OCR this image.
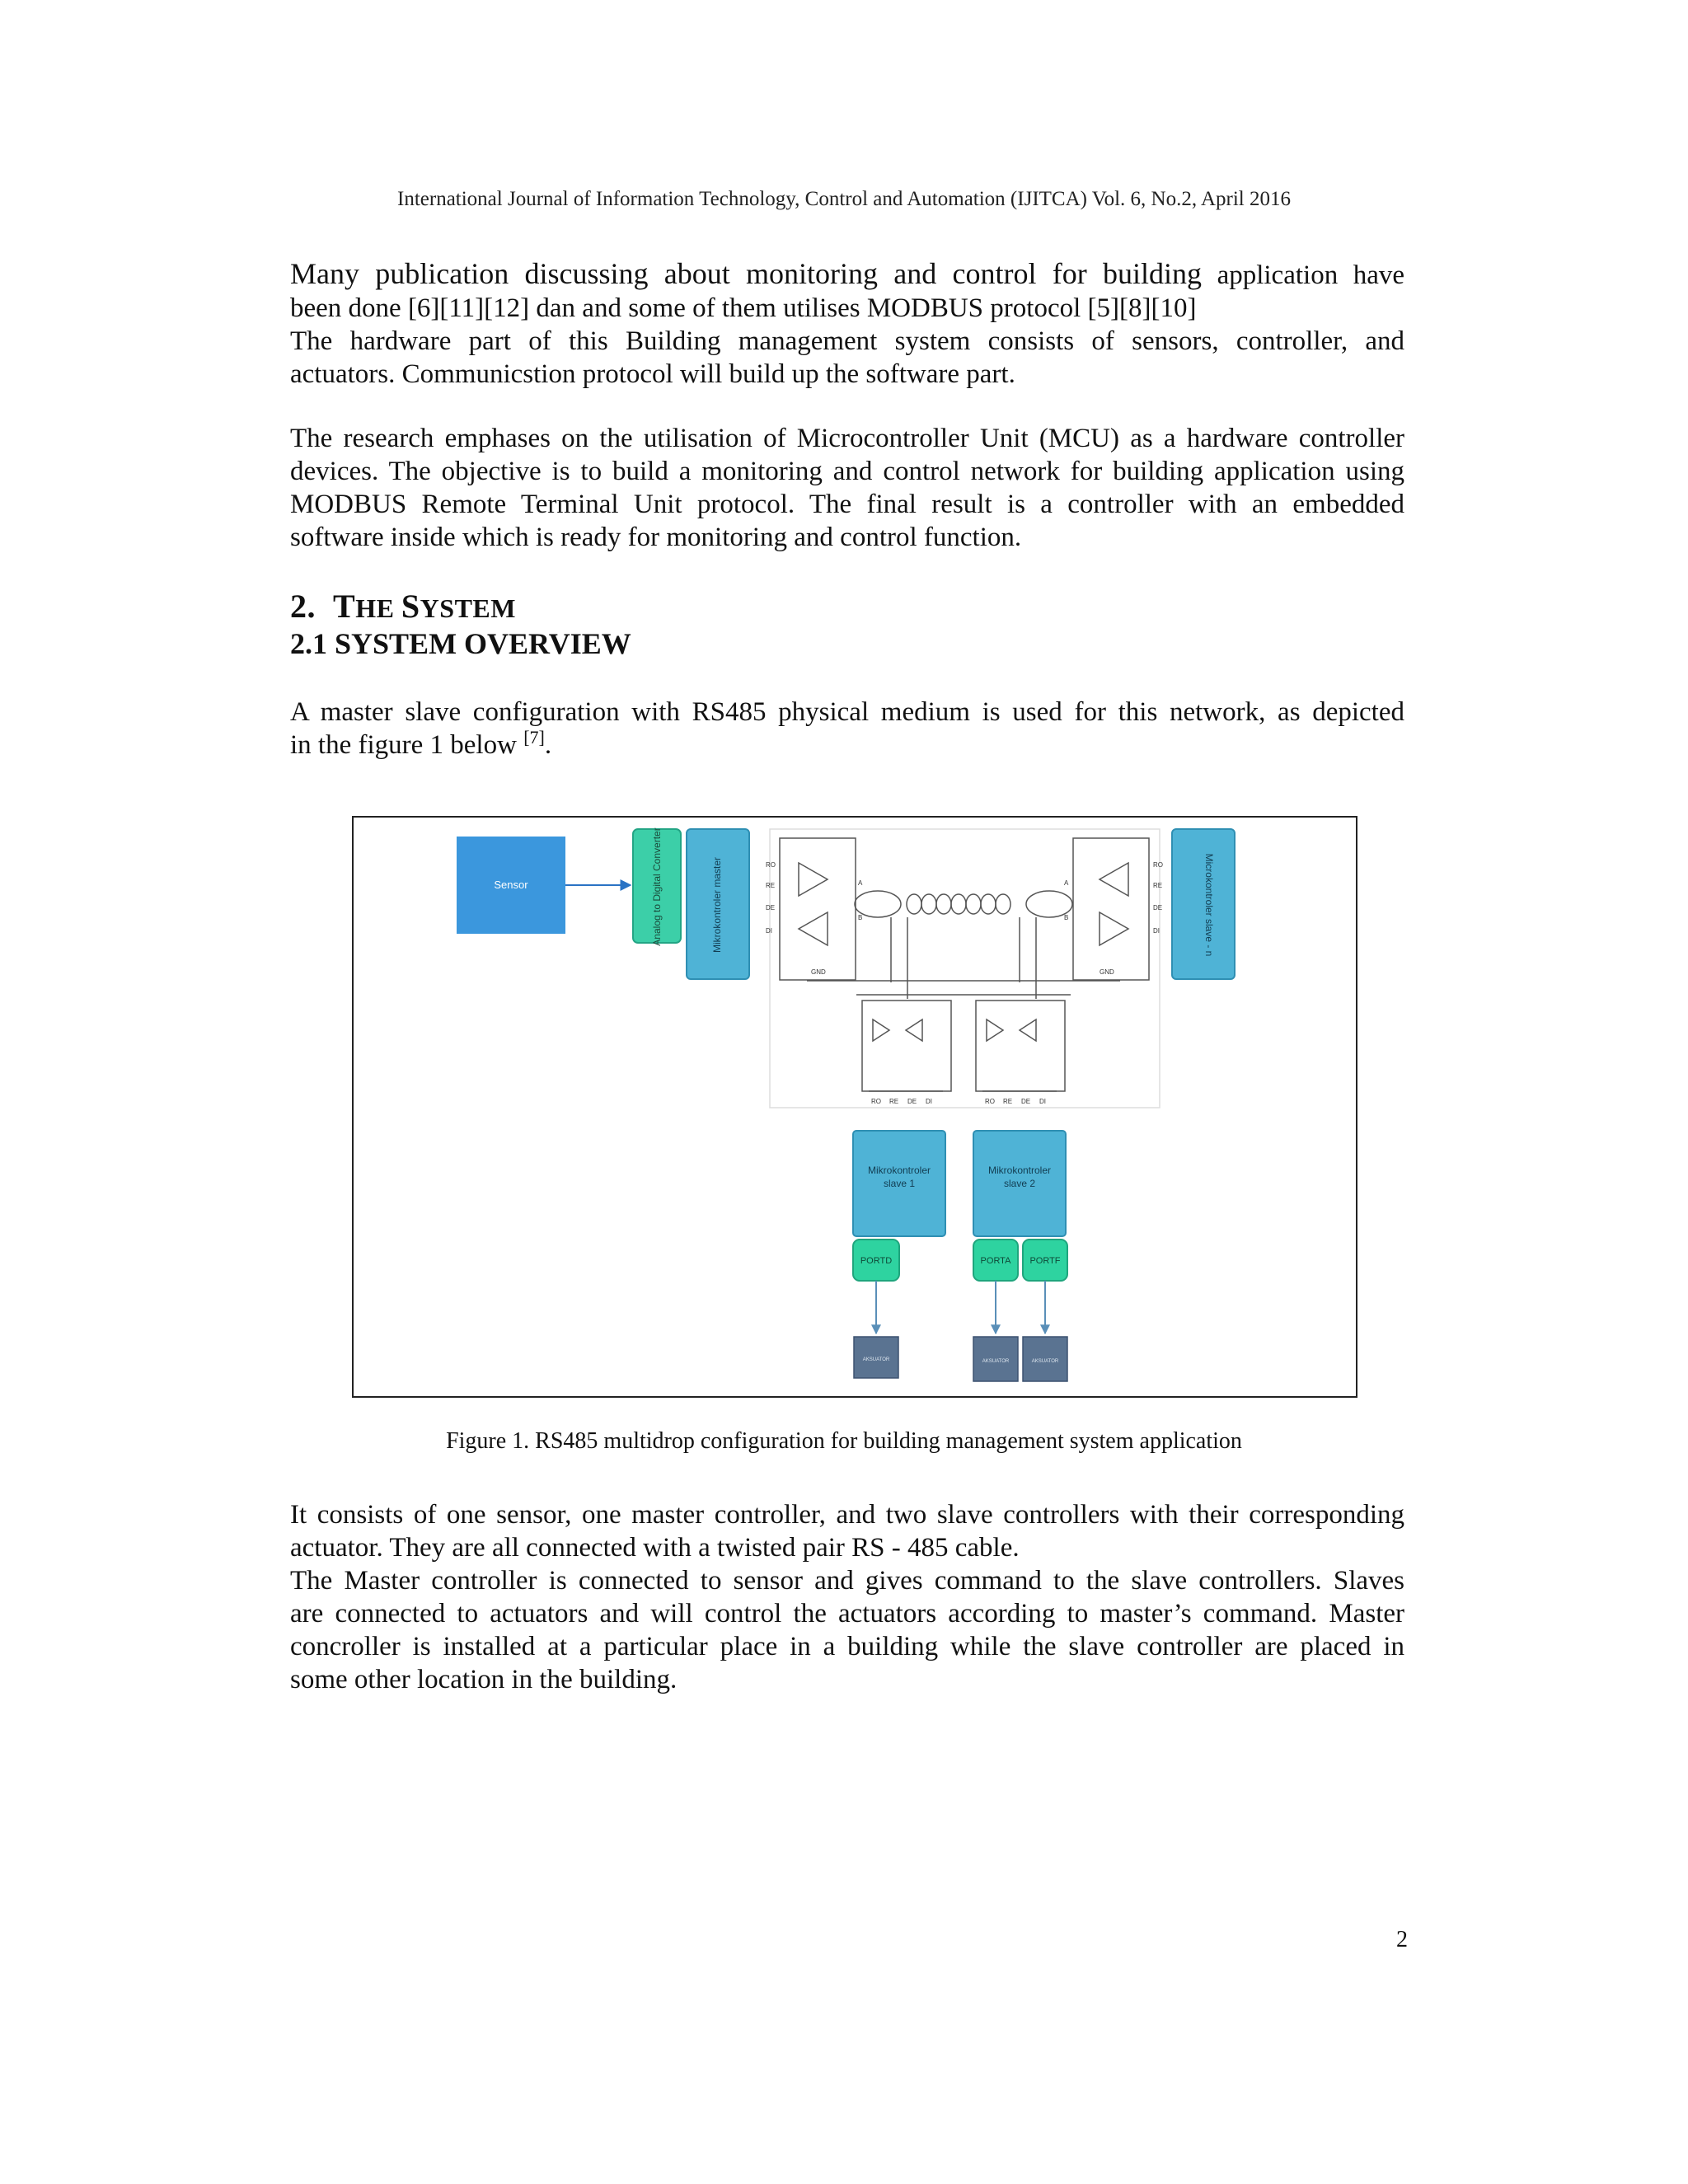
International Journal of Information Technology, Control and Automation (IJITCA) Vol. 6, No.2, April 2016
Many publication discussing about monitoring and control for building application have
been done [6][11][12] dan and some of them utilises MODBUS protocol [5][8][10]
The hardware part of this Building management system consists of sensors, controller, and
actuators. Communicstion protocol will build up the software part.
The research emphases on the utilisation of Microcontroller Unit (MCU) as a hardware controller
devices. The objective is to build a monitoring and control network for building application using
MODBUS Remote Terminal Unit protocol. The final result is a controller with an embedded
software inside which is ready for monitoring and control function.
2. THE SYSTEM
2.1 SYSTEM OVERVIEW
A master slave configuration with RS485 physical medium is used for this network, as depicted
in the figure 1 below [7].
Sensor	Analog to Digital Converter	Mikrokontroler master	Microkontroler slave - n
RO
RE
DE
DI
RO
RE
DE
DI
A
B
A
B
GND	GND
RO RE DE DI	RO RE DE DI
Mikrokontroler
slave 1
Mikrokontroler
slave 2
PORTD	PORTA PORTF
AKSUATOR	AKSUATOR	AKSUATOR
Figure 1. RS485 multidrop configuration for building management system application
It consists of one sensor, one master controller, and two slave controllers with their corresponding
actuator. They are all connected with a twisted pair RS - 485 cable.
The Master controller is connected to sensor and gives command to the slave controllers. Slaves
are connected to actuators and will control the actuators according to master’s command. Master
concroller is installed at a particular place in a building while the slave controller are placed in
some other location in the building.
2
